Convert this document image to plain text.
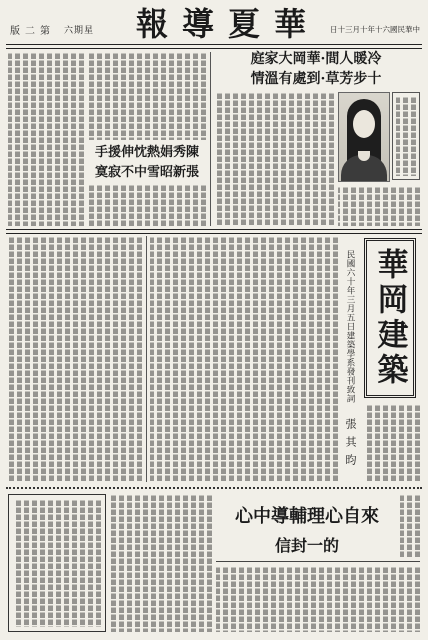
第二版 星期六 華夏導報 中華民國六十年十月三十日
冷暖人間·華岡大家庭
十步芳草·到處有溫情
陳秀娟熱忱伸援手
張新昭雪中不寂寞
華岡建築
民國六十年三月五日建築學系發刊致詞
張其昀
來自心理輔導中心
的一封信
